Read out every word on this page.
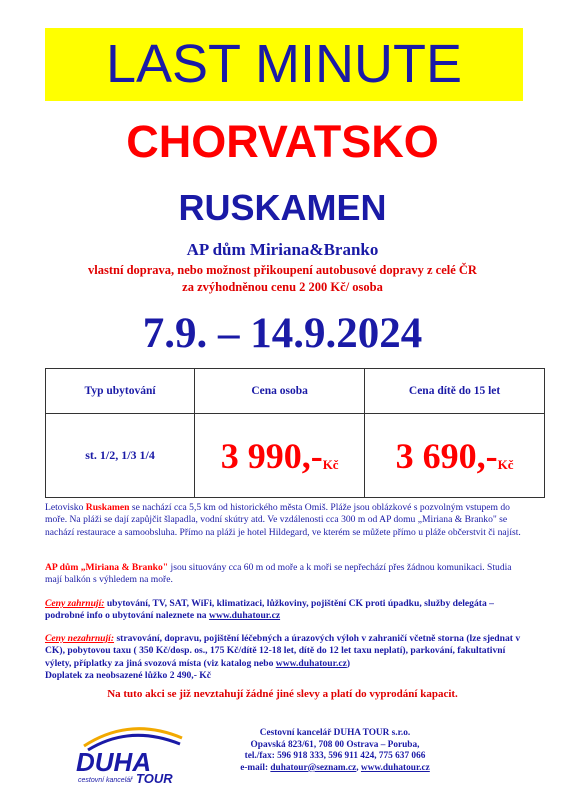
LAST MINUTE
CHORVATSKO
RUSKAMEN
AP dům Miriana&Branko
vlastní doprava, nebo možnost přikoupení autobusové dopravy z celé ČR
za zvýhodněnou cenu 2 200 Kč/ osoba
7.9. – 14.9.2024
Typ ubytování	Cena osoba	Cena dítě do 15 let
st. 1/2, 1/3 1/4	3 $990,-_{Kč}$	3 $690,-_{Kč}$
Letovisko Ruskamen se nachází cca 5,5 km od historického města Omiš. Pláže jsou oblázkové s pozvolným vstupem do moře. Na pláži se dají zapůjčit šlapadla, vodní skútry atd. Ve vzdálenosti cca 300 m od AP domu „Miriana & Branko" se nachází restaurace a samoobsluha. Přímo na pláži je hotel Hildegard, ve kterém se můžete přímo u pláže občerstvit či najíst.
AP dům „Miriana & Branko" jsou situovány cca 60 m od moře a k moři se nepřechází přes žádnou komunikaci. Studia mají balkón s výhledem na moře.
Ceny zahrnují: ubytování, TV, SAT, WiFi, klimatizaci, lůžkoviny, pojištění CK proti úpadku, služby delegáta – podrobné info o ubytování naleznete na www.duhatour.cz
Ceny nezahrnují: stravování, dopravu, pojištění léčebných a úrazových výloh v zahraničí včetně storna (lze sjednat v CK), pobytovou taxu ( 350 Kč/dosp. os., 175 Kč/dítě 12-18 let, dítě do 12 let taxu neplatí), parkování, fakultativní výlety, příplatky za jiná svozová místa (viz katalog nebo www.duhatour.cz)
Doplatek za neobsazené lůžko 2 490,- Kč
Na tuto akci se již nevztahují žádné jiné slevy a platí do vyprodání kapacit.
DUHA
cestovní kancelář TOUR
Cestovní kancelář DUHA TOUR s.r.o.
Opavská 823/61, 708 00 Ostrava – Poruba,
tel./fax: 596 918 333, 596 911 424, 775 637 066
e-mail: duhatour@seznam.cz, www.duhatour.cz
